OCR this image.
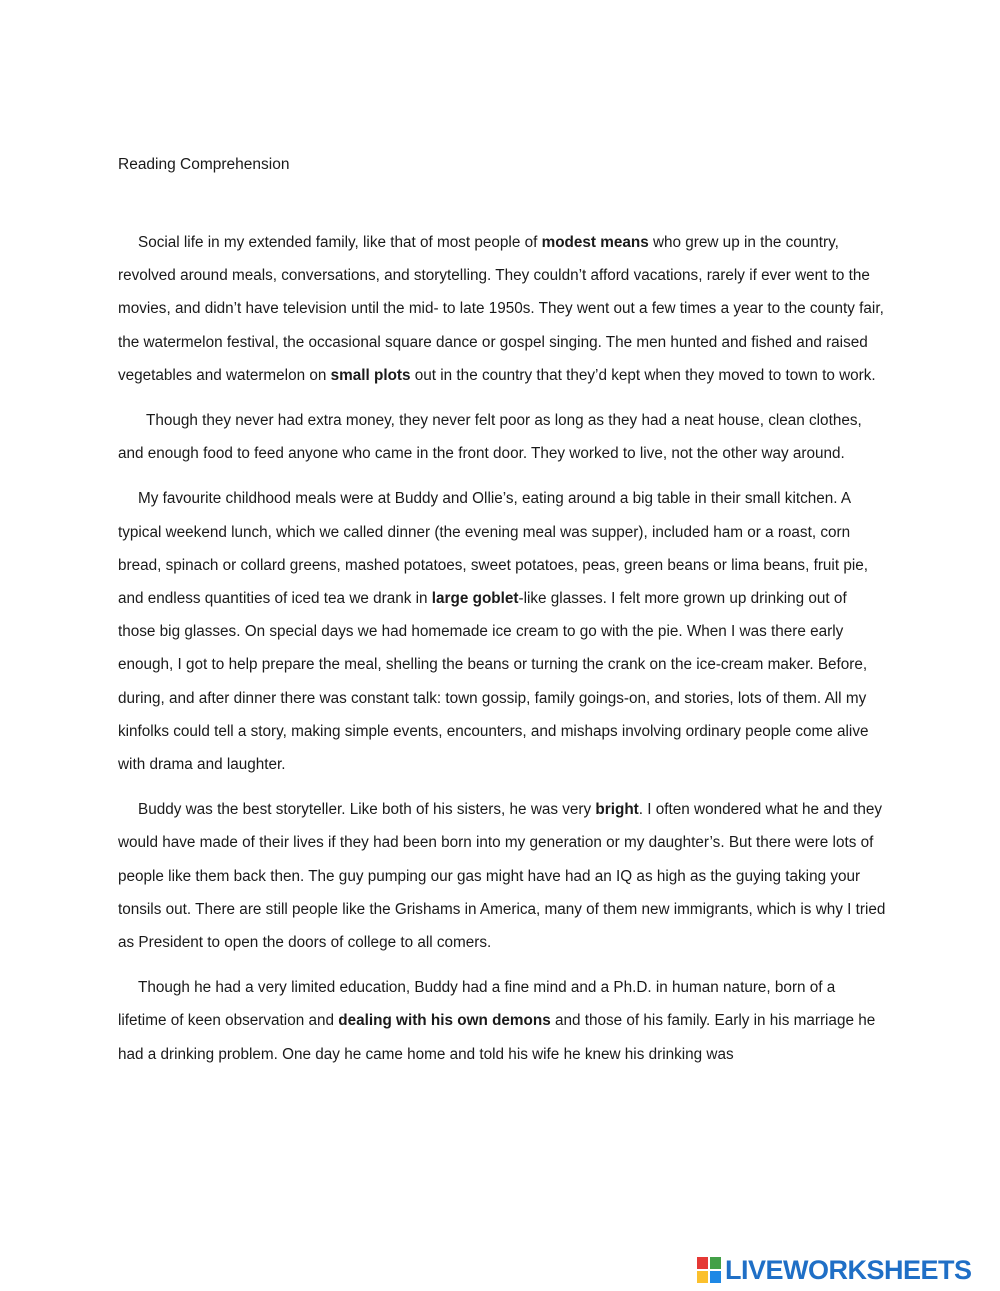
Reading Comprehension

Social life in my extended family, like that of most people of modest means who grew up in the country, revolved around meals, conversations, and storytelling. They couldn’t afford vacations, rarely if ever went to the movies, and didn’t have television until the mid- to late 1950s. They went out a few times a year to the county fair, the watermelon festival, the occasional square dance or gospel singing. The men hunted and fished and raised vegetables and watermelon on small plots out in the country that they’d kept when they moved to town to work.

Though they never had extra money, they never felt poor as long as they had a neat house, clean clothes, and enough food to feed anyone who came in the front door. They worked to live, not the other way around.

My favourite childhood meals were at Buddy and Ollie’s, eating around a big table in their small kitchen. A typical weekend lunch, which we called dinner (the evening meal was supper), included ham or a roast, corn bread, spinach or collard greens, mashed potatoes, sweet potatoes, peas, green beans or lima beans, fruit pie, and endless quantities of iced tea we drank in large goblet-like glasses. I felt more grown up drinking out of those big glasses. On special days we had homemade ice cream to go with the pie. When I was there early enough, I got to help prepare the meal, shelling the beans or turning the crank on the ice-cream maker. Before, during, and after dinner there was constant talk: town gossip, family goings-on, and stories, lots of them. All my kinfolks could tell a story, making simple events, encounters, and mishaps involving ordinary people come alive with drama and laughter.

Buddy was the best storyteller. Like both of his sisters, he was very bright. I often wondered what he and they would have made of their lives if they had been born into my generation or my daughter’s. But there were lots of people like them back then. The guy pumping our gas might have had an IQ as high as the guying taking your tonsils out. There are still people like the Grishams in America, many of them new immigrants, which is why I tried as President to open the doors of college to all comers.

Though he had a very limited education, Buddy had a fine mind and a Ph.D. in human nature, born of a lifetime of keen observation and dealing with his own demons and those of his family. Early in his marriage he had a drinking problem. One day he came home and told his wife he knew his drinking was

LIVEWORKSHEETS
